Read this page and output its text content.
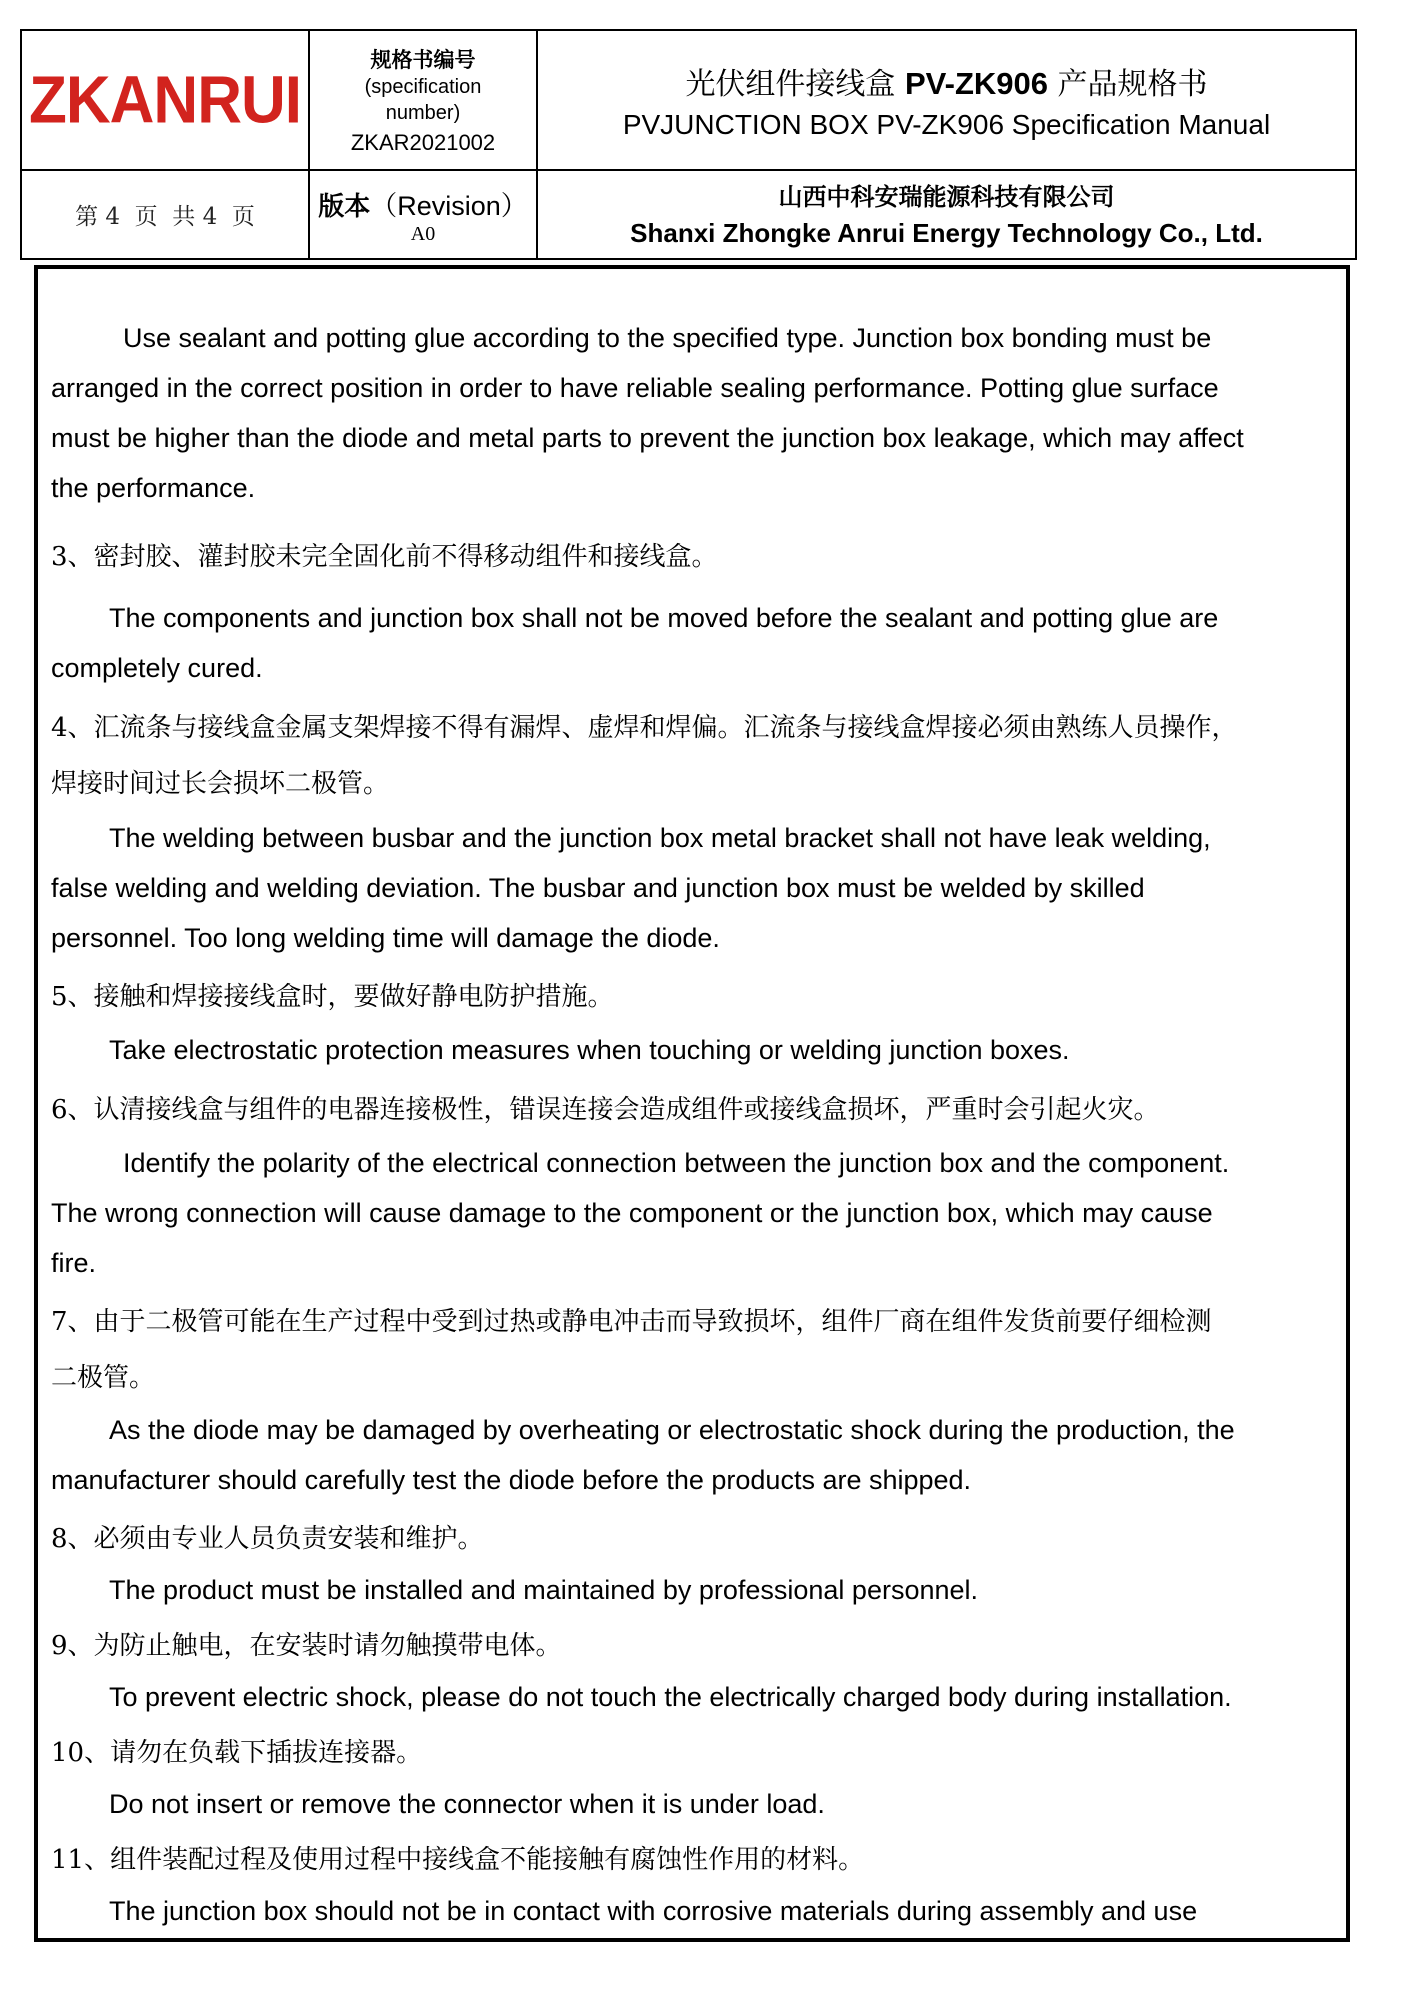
ZKANRUI
规格书编号
(specification
number)
ZKAR2021002
光伏组件接线盒 PV-ZK906 产品规格书
PVJUNCTION BOX PV-ZK906 Specification Manual
第 4  页  共 4  页	版本（Revision）A0
山西中科安瑞能源科技有限公司
Shanxi Zhongke Anrui Energy Technology Co., Ltd.
Use sealant and potting glue according to the specified type. Junction box bonding must be
arranged in the correct position in order to have reliable sealing performance. Potting glue surface
must be higher than the diode and metal parts to prevent the junction box leakage, which may affect
the performance.
3、密封胶、灌封胶未完全固化前不得移动组件和接线盒。
The components and junction box shall not be moved before the sealant and potting glue are
completely cured.
4、汇流条与接线盒金属支架焊接不得有漏焊、虚焊和焊偏。汇流条与接线盒焊接必须由熟练人员操作，
焊接时间过长会损坏二极管。
The welding between busbar and the junction box metal bracket shall not have leak welding,
false welding and welding deviation. The busbar and junction box must be welded by skilled
personnel. Too long welding time will damage the diode.
5、接触和焊接接线盒时，要做好静电防护措施。
Take electrostatic protection measures when touching or welding junction boxes.
6、认清接线盒与组件的电器连接极性，错误连接会造成组件或接线盒损坏，严重时会引起火灾。
Identify the polarity of the electrical connection between the junction box and the component.
The wrong connection will cause damage to the component or the junction box, which may cause
fire.
7、由于二极管可能在生产过程中受到过热或静电冲击而导致损坏，组件厂商在组件发货前要仔细检测
二极管。
As the diode may be damaged by overheating or electrostatic shock during the production, the
manufacturer should carefully test the diode before the products are shipped.
8、必须由专业人员负责安装和维护。
The product must be installed and maintained by professional personnel.
9、为防止触电，在安装时请勿触摸带电体。
To prevent electric shock, please do not touch the electrically charged body during installation.
10、请勿在负载下插拔连接器。
Do not insert or remove the connector when it is under load.
11、组件装配过程及使用过程中接线盒不能接触有腐蚀性作用的材料。
The junction box should not be in contact with corrosive materials during assembly and use
